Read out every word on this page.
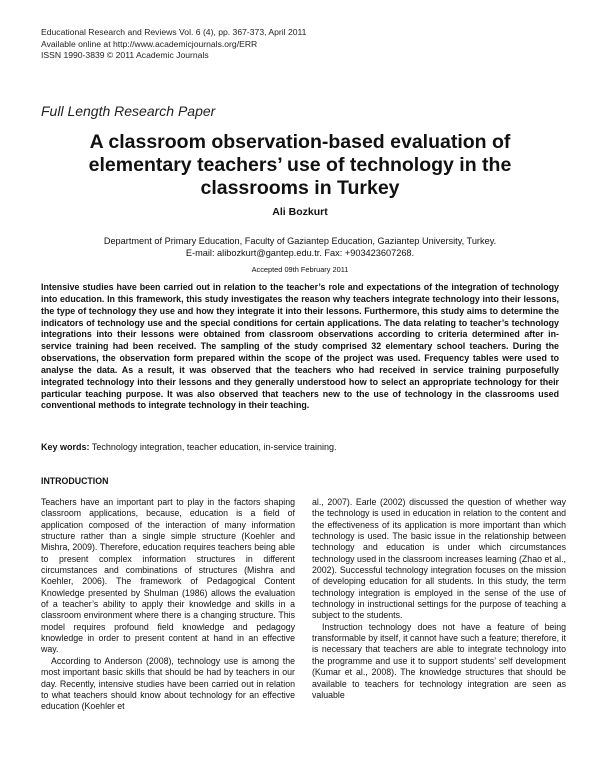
Educational Research and Reviews Vol. 6 (4), pp. 367-373, April 2011
Available online at http://www.academicjournals.org/ERR
ISSN 1990-3839 © 2011 Academic Journals
Full Length Research Paper
A classroom observation-based evaluation of elementary teachers’ use of technology in the classrooms in Turkey
Ali Bozkurt
Department of Primary Education, Faculty of Gaziantep Education, Gaziantep University, Turkey.
E-mail: alibozkurt@gantep.edu.tr. Fax: +903423607268.
Accepted 09th February 2011
Intensive studies have been carried out in relation to the teacher’s role and expectations of the integration of technology into education. In this framework, this study investigates the reason why teachers integrate technology into their lessons, the type of technology they use and how they integrate it into their lessons. Furthermore, this study aims to determine the indicators of technology use and the special conditions for certain applications. The data relating to teacher’s technology integrations into their lessons were obtained from classroom observations according to criteria determined after in-service training had been received. The sampling of the study comprised 32 elementary school teachers. During the observations, the observation form prepared within the scope of the project was used. Frequency tables were used to analyse the data. As a result, it was observed that the teachers who had received in service training purposefully integrated technology into their lessons and they generally understood how to select an appropriate technology for their particular teaching purpose. It was also observed that teachers new to the use of technology in the classrooms used conventional methods to integrate technology in their teaching.
Key words: Technology integration, teacher education, in-service training.
INTRODUCTION

Teachers have an important part to play in the factors shaping classroom applications, because, education is a field of application composed of the interaction of many information structure rather than a single simple structure (Koehler and Mishra, 2009). Therefore, education requires teachers being able to present complex information structures in different circumstances and combinations of structures (Mishra and Koehler, 2006). The framework of Pedagogical Content Knowledge presented by Shulman (1986) allows the evaluation of a teacher’s ability to apply their knowledge and skills in a classroom environment where there is a changing structure. This model requires profound field knowledge and pedagogy knowledge in order to present content at hand in an effective way.

According to Anderson (2008), technology use is among the most important basic skills that should be had by teachers in our day. Recently, intensive studies have been carried out in relation to what teachers should know about technology for an effective education (Koehler et

al., 2007). Earle (2002) discussed the question of whether way the technology is used in education in relation to the content and the effectiveness of its application is more important than which technology is used. The basic issue in the relationship between technology and education is under which circumstances technology used in the classroom increases learning (Zhao et al., 2002). Successful technology integration focuses on the mission of developing education for all students. In this study, the term technology integration is employed in the sense of the use of technology in instructional settings for the purpose of teaching a subject to the students.

Instruction technology does not have a feature of being transformable by itself, it cannot have such a feature; therefore, it is necessary that teachers are able to integrate technology into the programme and use it to support students’ self development (Kumar et al., 2008). The knowledge structures that should be available to teachers for technology integration are seen as valuable
